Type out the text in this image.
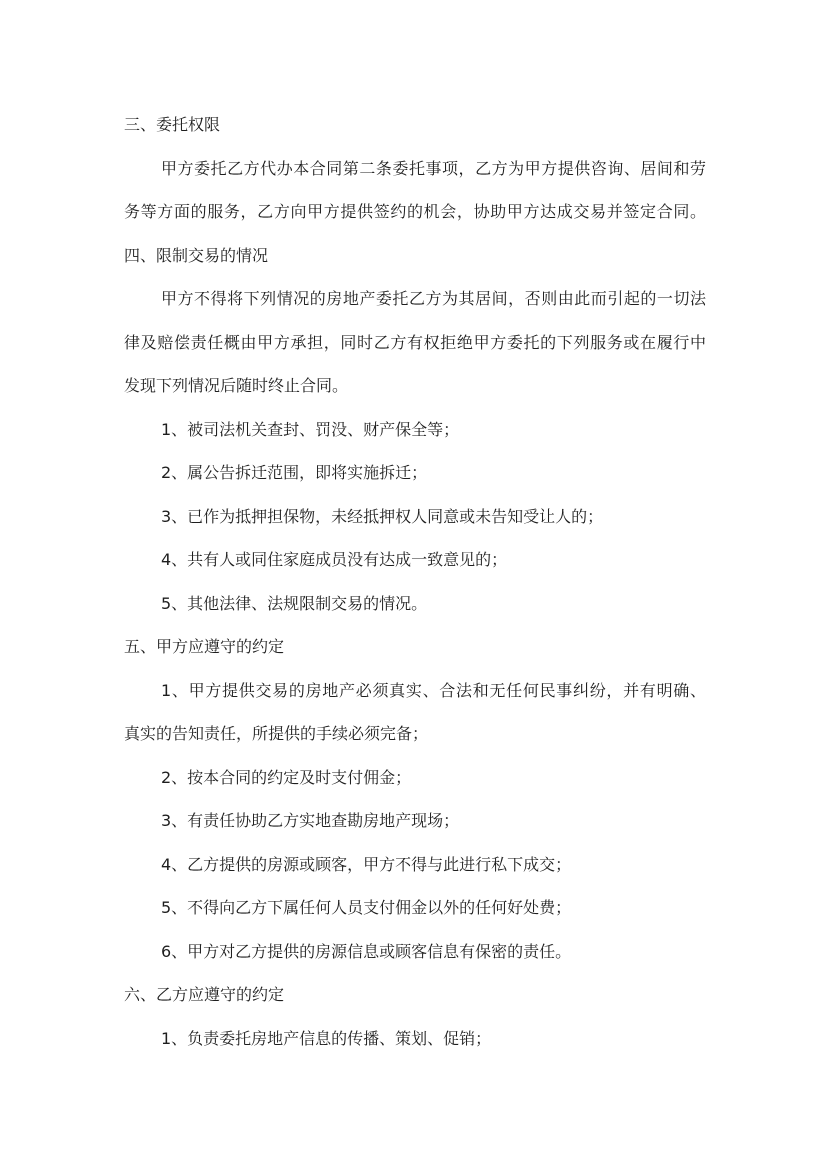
三、委托权限
甲方委托乙方代办本合同第二条委托事项，乙方为甲方提供咨询、居间和劳
务等方面的服务，乙方向甲方提供签约的机会，协助甲方达成交易并签定合同。
四、限制交易的情况
甲方不得将下列情况的房地产委托乙方为其居间，否则由此而引起的一切法
律及赔偿责任概由甲方承担，同时乙方有权拒绝甲方委托的下列服务或在履行中
发现下列情况后随时终止合同。
1、被司法机关查封、罚没、财产保全等；
2、属公告拆迁范围，即将实施拆迁；
3、已作为抵押担保物，未经抵押权人同意或未告知受让人的；
4、共有人或同住家庭成员没有达成一致意见的；
5、其他法律、法规限制交易的情况。
五、甲方应遵守的约定
1、甲方提供交易的房地产必须真实、合法和无任何民事纠纷，并有明确、
真实的告知责任，所提供的手续必须完备；
2、按本合同的约定及时支付佣金；
3、有责任协助乙方实地查勘房地产现场；
4、乙方提供的房源或顾客，甲方不得与此进行私下成交；
5、不得向乙方下属任何人员支付佣金以外的任何好处费；
6、甲方对乙方提供的房源信息或顾客信息有保密的责任。
六、乙方应遵守的约定
1、负责委托房地产信息的传播、策划、促销；
